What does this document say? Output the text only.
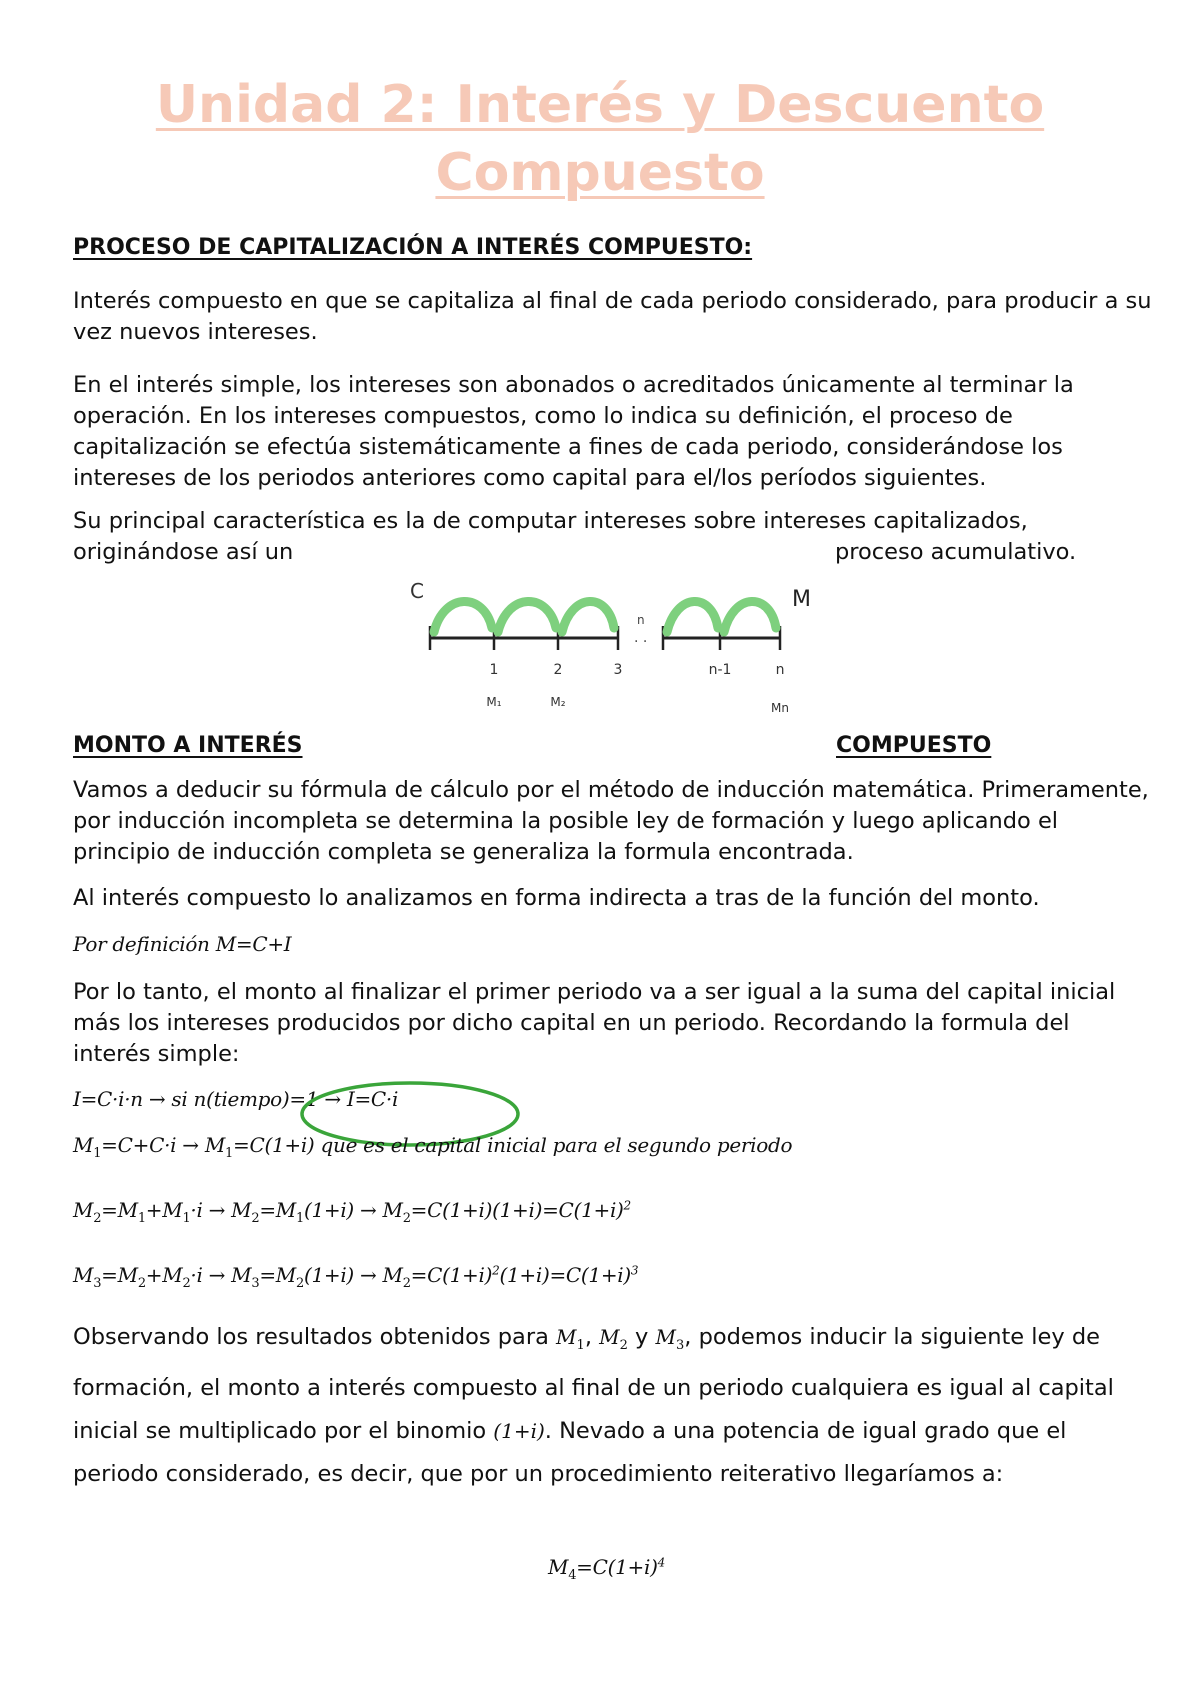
Unidad 2: Interés y Descuento
Compuesto
PROCESO DE CAPITALIZACIÓN A INTERÉS COMPUESTO:

Interés compuesto en que se capitaliza al final de cada periodo considerado, para producir a su vez nuevos intereses.

En el interés simple, los intereses son abonados o acreditados únicamente al terminar la operación. En los intereses compuestos, como lo indica su definición, el proceso de capitalización se efectúa sistemáticamente a fines de cada periodo, considerándose los intereses de los periodos anteriores como capital para el/los períodos siguientes.

Su principal característica es la de computar intereses sobre intereses capitalizados,
originándose así un	proceso acumulativo.
C	M
n
. .
1	2	3	n-1	n
M₁	M₂	Mn
MONTO A INTERÉS	COMPUESTO

Vamos a deducir su fórmula de cálculo por el método de inducción matemática. Primeramente, por inducción incompleta se determina la posible ley de formación y luego aplicando el principio de inducción completa se generaliza la formula encontrada.

Al interés compuesto lo analizamos en forma indirecta a tras de la función del monto.
Por definición M=C+I

Por lo tanto, el monto al finalizar el primer periodo va a ser igual a la suma del capital inicial más los intereses producidos por dicho capital en un periodo. Recordando la formula del interés simple:

I=C·i·n → si n(tiempo)=1 → I=C·i
$M_1=C+C\cdot i \to M_1=C(1+i)$ que es el capital inicial para el segundo periodo
$M_2=M_1+M_1\cdot i \to M_2=M_1(1+i) \to M_2=C(1+i)(1+i)=C(1+i)^2$
$M_3=M_2+M_2\cdot i \to M_3=M_2(1+i) \to M_2=C(1+i)^2(1+i)=C(1+i)^3$
Observando los resultados obtenidos para $M_1$, $M_2$ y $M_3$, podemos inducir la siguiente ley de formación, el monto a interés compuesto al final de un periodo cualquiera es igual al capital inicial se multiplicado por el binomio (1+i). Nevado a una potencia de igual grado que el periodo considerado, es decir, que por un procedimiento reiterativo llegaríamos a:
$M_4=C(1+i)^4$
